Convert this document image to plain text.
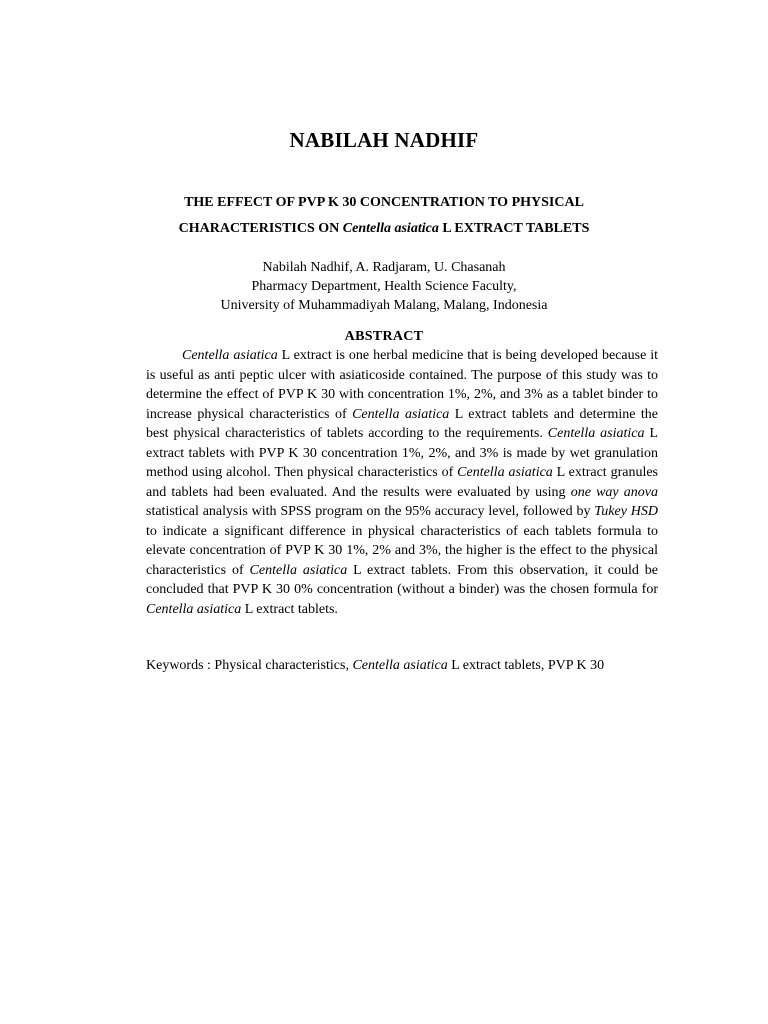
NABILAH NADHIF
THE EFFECT OF PVP K 30 CONCENTRATION TO PHYSICAL
CHARACTERISTICS ON Centella asiatica L EXTRACT TABLETS
Nabilah Nadhif, A. Radjaram, U. Chasanah
Pharmacy Department, Health Science Faculty,
University of Muhammadiyah Malang, Malang, Indonesia
ABSTRACT

Centella asiatica L extract is one herbal medicine that is being developed because it is useful as anti peptic ulcer with asiaticoside contained. The purpose of this study was to determine the effect of PVP K 30 with concentration 1%, 2%, and 3% as a tablet binder to increase physical characteristics of Centella asiatica L extract tablets and determine the best physical characteristics of tablets according to the requirements. Centella asiatica L extract tablets with PVP K 30 concentration 1%, 2%, and 3% is made by wet granulation method using alcohol. Then physical characteristics of Centella asiatica L extract granules and tablets had been evaluated. And the results were evaluated by using one way anova statistical analysis with SPSS program on the 95% accuracy level, followed by Tukey HSD to indicate a significant difference in physical characteristics of each tablets formula to elevate concentration of PVP K 30 1%, 2% and 3%, the higher is the effect to the physical characteristics of Centella asiatica L extract tablets. From this observation, it could be concluded that PVP K 30 0% concentration (without a binder) was the chosen formula for Centella asiatica L extract tablets.

Keywords : Physical characteristics, Centella asiatica L extract tablets, PVP K 30
